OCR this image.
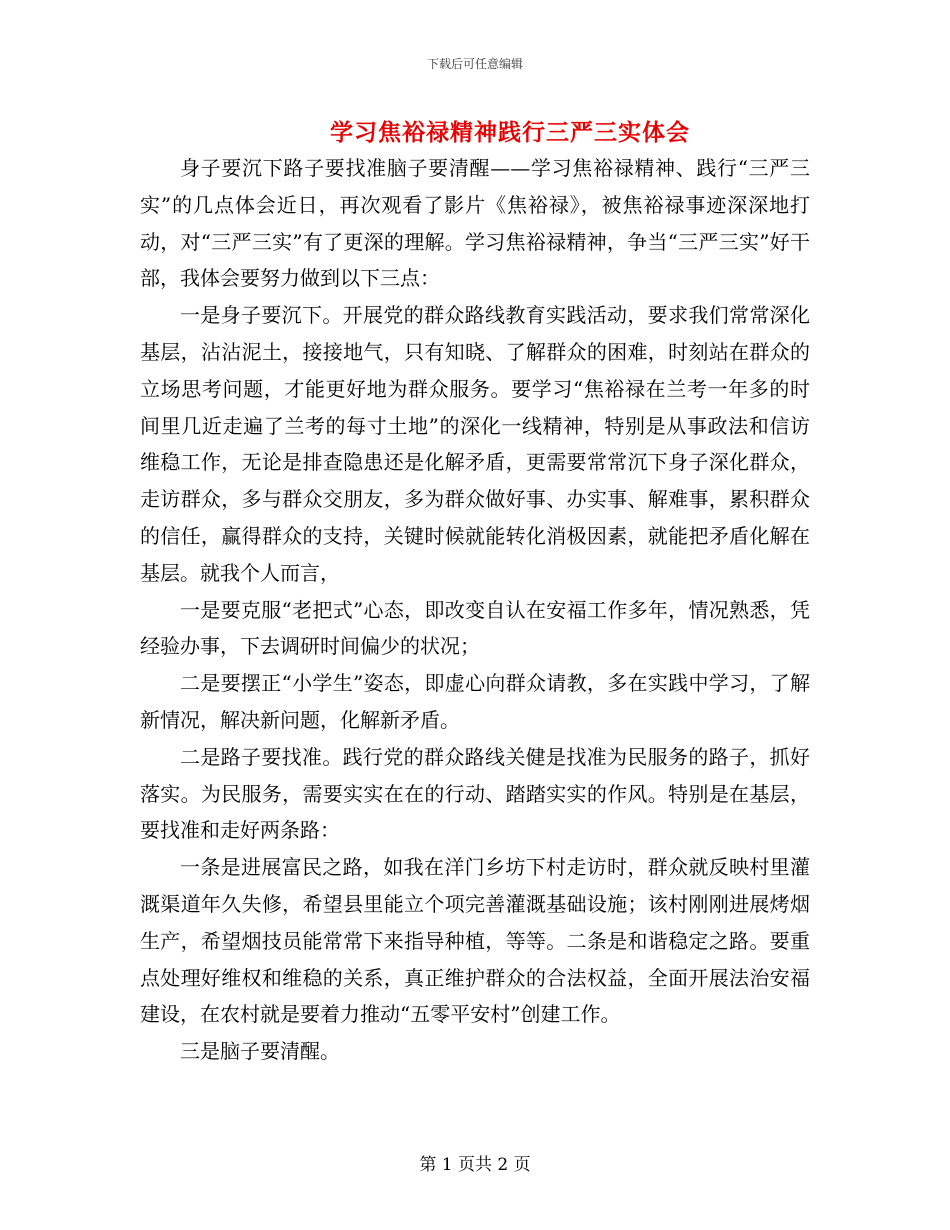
下载后可任意编辑
学习焦裕禄精神践行三严三实体会

身子要沉下路子要找准脑子要清醒——学习焦裕禄精神、践行“三严三实”的几点体会近日，再次观看了影片《焦裕禄》，被焦裕禄事迹深深地打动，对“三严三实”有了更深的理解。学习焦裕禄精神，争当“三严三实”好干部，我体会要努力做到以下三点：

一是身子要沉下。开展党的群众路线教育实践活动，要求我们常常深化基层，沾沾泥土，接接地气，只有知晓、了解群众的困难，时刻站在群众的立场思考问题，才能更好地为群众服务。要学习“焦裕禄在兰考一年多的时间里几近走遍了兰考的每寸土地”的深化一线精神，特别是从事政法和信访维稳工作，无论是排查隐患还是化解矛盾，更需要常常沉下身子深化群众，走访群众，多与群众交朋友，多为群众做好事、办实事、解难事，累积群众的信任，赢得群众的支持，关键时候就能转化消极因素，就能把矛盾化解在基层。就我个人而言，

一是要克服“老把式”心态，即改变自认在安福工作多年，情况熟悉，凭经验办事，下去调研时间偏少的状况；

二是要摆正“小学生”姿态，即虚心向群众请教，多在实践中学习，了解新情况，解决新问题，化解新矛盾。

二是路子要找准。践行党的群众路线关健是找准为民服务的路子，抓好落实。为民服务，需要实实在在的行动、踏踏实实的作风。特别是在基层，要找准和走好两条路：

一条是进展富民之路，如我在洋门乡坊下村走访时，群众就反映村里灌溉渠道年久失修，希望县里能立个项完善灌溉基础设施；该村刚刚进展烤烟生产，希望烟技员能常常下来指导种植，等等。二条是和谐稳定之路。要重点处理好维权和维稳的关系，真正维护群众的合法权益，全面开展法治安福建设，在农村就是要着力推动“五零平安村”创建工作。

三是脑子要清醒。

第 1 页共 2 页
